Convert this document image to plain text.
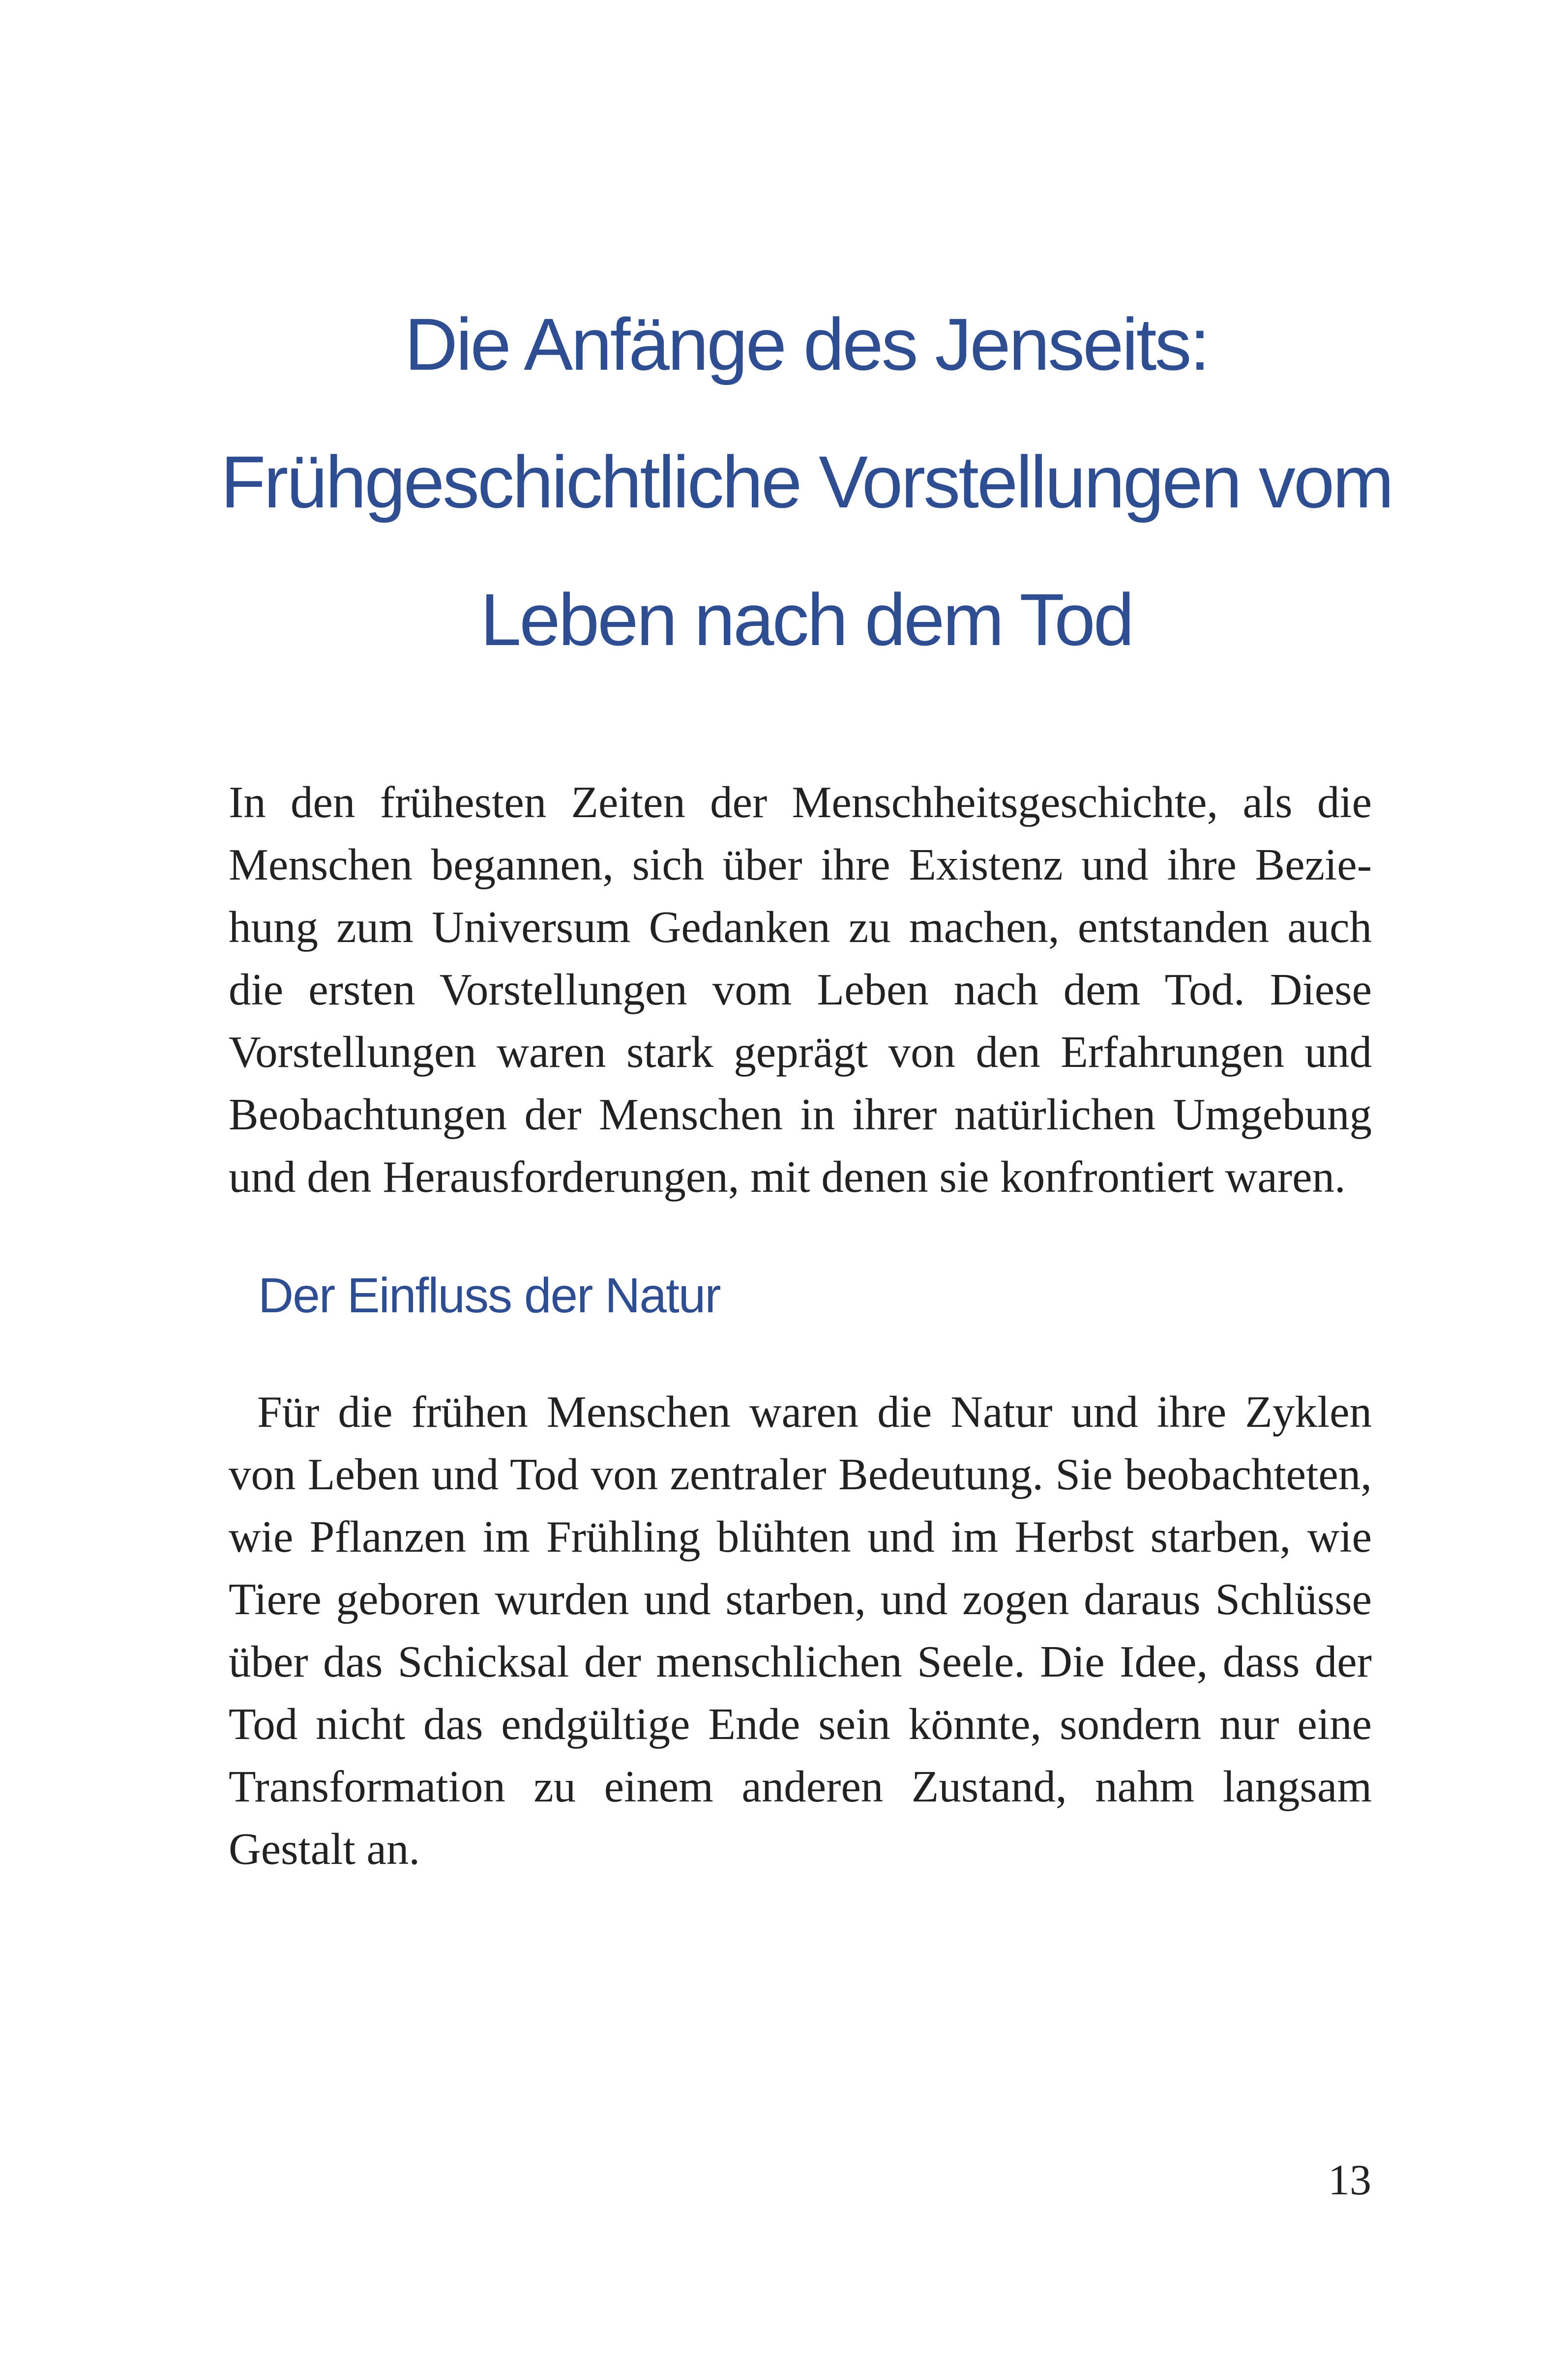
Die Anfänge des Jenseits:
Frühgeschichtliche Vorstellungen vom
Leben nach dem Tod

In den frühesten Zeiten der Menschheitsgeschichte, als die Menschen begannen, sich über ihre Existenz und ihre Beziehung zum Universum Gedanken zu machen, entstanden auch die ersten Vorstellungen vom Leben nach dem Tod. Diese Vorstellungen waren stark geprägt von den Erfahrungen und Beobachtungen der Menschen in ihrer natürlichen Umgebung und den Herausforderungen, mit denen sie konfrontiert waren.

Der Einfluss der Natur

Für die frühen Menschen waren die Natur und ihre Zyklen von Leben und Tod von zentraler Bedeutung. Sie beobachteten, wie Pflanzen im Frühling blühten und im Herbst starben, wie Tiere geboren wurden und starben, und zogen daraus Schlüsse über das Schicksal der menschlichen Seele. Die Idee, dass der Tod nicht das endgültige Ende sein könnte, sondern nur eine Transformation zu einem anderen Zustand, nahm langsam Gestalt an.

13
